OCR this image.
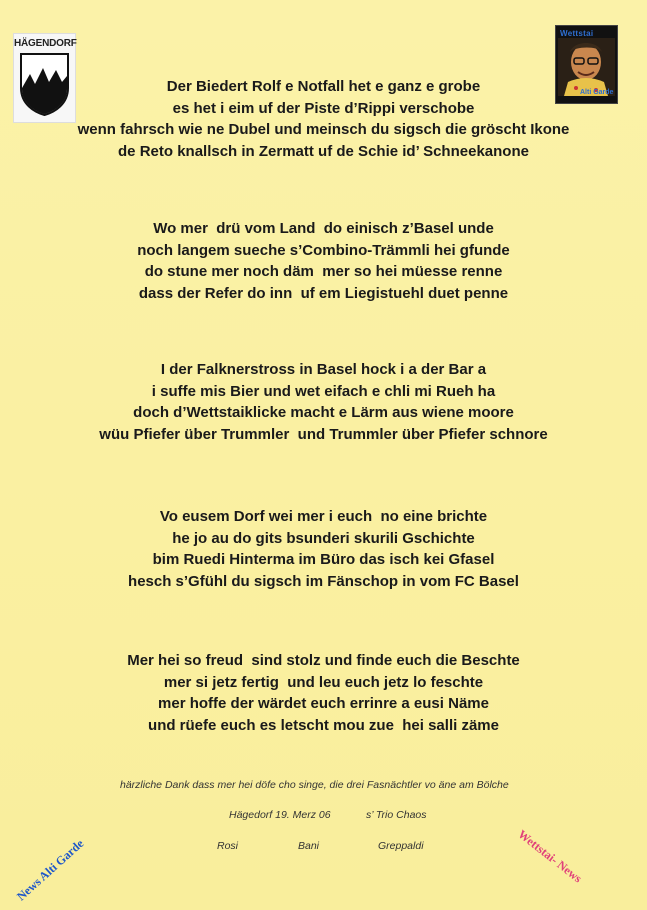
HÄGENDORF
Wettstai
Alti Garde
Der Biedert Rolf e Notfall het e ganz e grobe
es het i eim uf der Piste d’Rippi verschobe
wenn fahrsch wie ne Dubel und meinsch du sigsch die gröscht Ikone
de Reto knallsch in Zermatt uf de Schie id’ Schneekanone
Wo mer  drü vom Land  do einisch z’Basel unde
noch langem sueche s’Combino-Trämmli hei gfunde
do stune mer noch däm  mer so hei müesse renne
dass der Refer do inn  uf em Liegistuehl duet penne
I der Falknerstross in Basel hock i a der Bar a
i suffe mis Bier und wet eifach e chli mi Rueh ha
doch d’Wettstaiklicke macht e Lärm aus wiene moore
wüu Pfiefer über Trummler  und Trummler über Pfiefer schnore
Vo eusem Dorf wei mer i euch  no eine brichte
he jo au do gits bsunderi skurili Gschichte
bim Ruedi Hinterma im Büro das isch kei Gfasel
hesch s’Gfühl du sigsch im Fänschop in vom FC Basel
Mer hei so freud  sind stolz und finde euch die Beschte
mer si jetz fertig  und leu euch jetz lo feschte
mer hoffe der wärdet euch errinre a eusi Näme
und rüefe euch es letscht mou zue  hei salli zäme
härzliche Dank dass mer hei döfe cho singe, die drei Fasnächtler vo äne am Bölche
Hägedorf 19. Merz 06	s’ Trio Chaos
Rosi	Bani	Greppaldi
News Alti Garde	Wettstai- News
